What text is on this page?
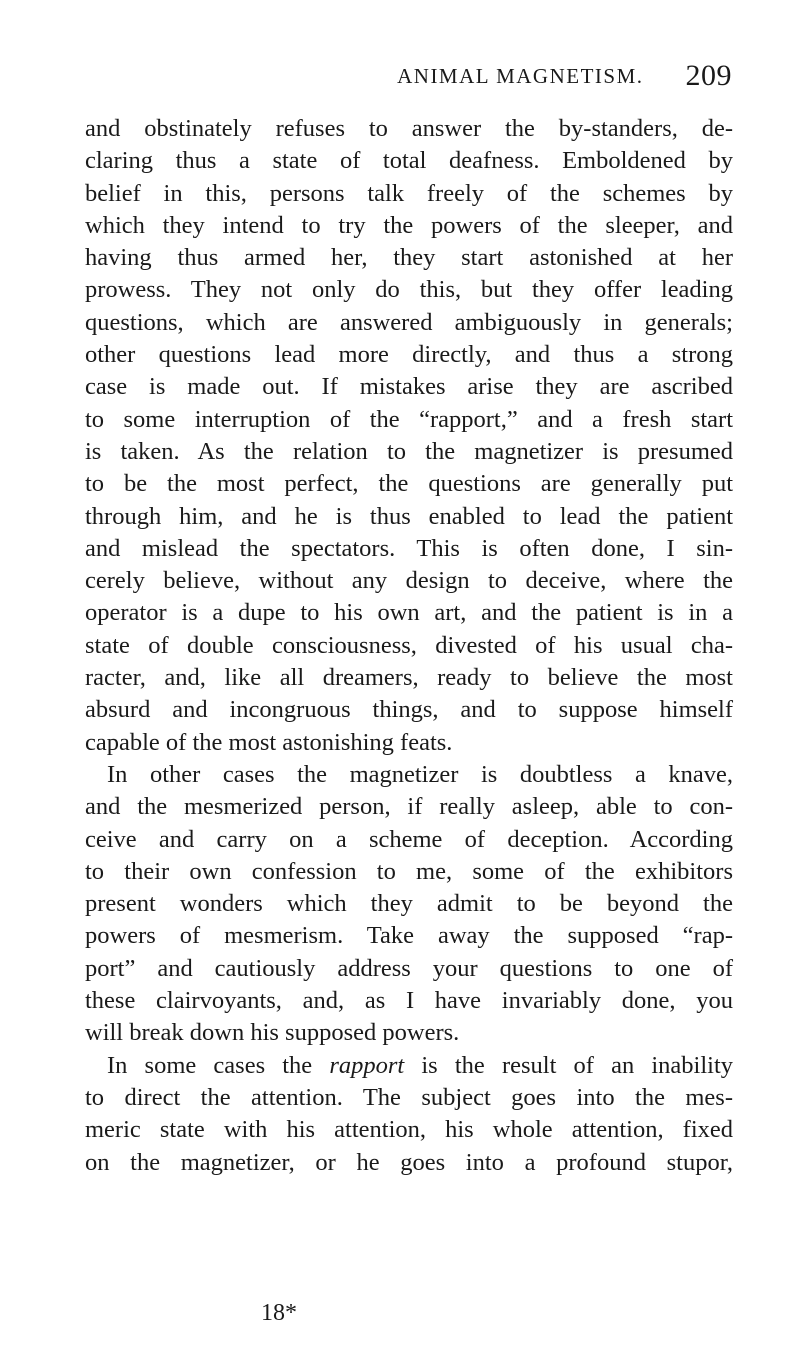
ANIMAL MAGNETISM. 209
and obstinately refuses to answer the by-standers, de-
claring thus a state of total deafness. Emboldened by
belief in this, persons talk freely of the schemes by
which they intend to try the powers of the sleeper, and
having thus armed her, they start astonished at her
prowess. They not only do this, but they offer leading
questions, which are answered ambiguously in generals;
other questions lead more directly, and thus a strong
case is made out. If mistakes arise they are ascribed
to some interruption of the “rapport,” and a fresh start
is taken. As the relation to the magnetizer is presumed
to be the most perfect, the questions are generally put
through him, and he is thus enabled to lead the patient
and mislead the spectators. This is often done, I sin-
cerely believe, without any design to deceive, where the
operator is a dupe to his own art, and the patient is in a
state of double consciousness, divested of his usual cha-
racter, and, like all dreamers, ready to believe the most
absurd and incongruous things, and to suppose himself
capable of the most astonishing feats.
In other cases the magnetizer is doubtless a knave,
and the mesmerized person, if really asleep, able to con-
ceive and carry on a scheme of deception. According
to their own confession to me, some of the exhibitors
present wonders which they admit to be beyond the
powers of mesmerism. Take away the supposed “rap-
port” and cautiously address your questions to one of
these clairvoyants, and, as I have invariably done, you
will break down his supposed powers.
In some cases the rapport is the result of an inability
to direct the attention. The subject goes into the mes-
meric state with his attention, his whole attention, fixed
on the magnetizer, or he goes into a profound stupor,
18*
